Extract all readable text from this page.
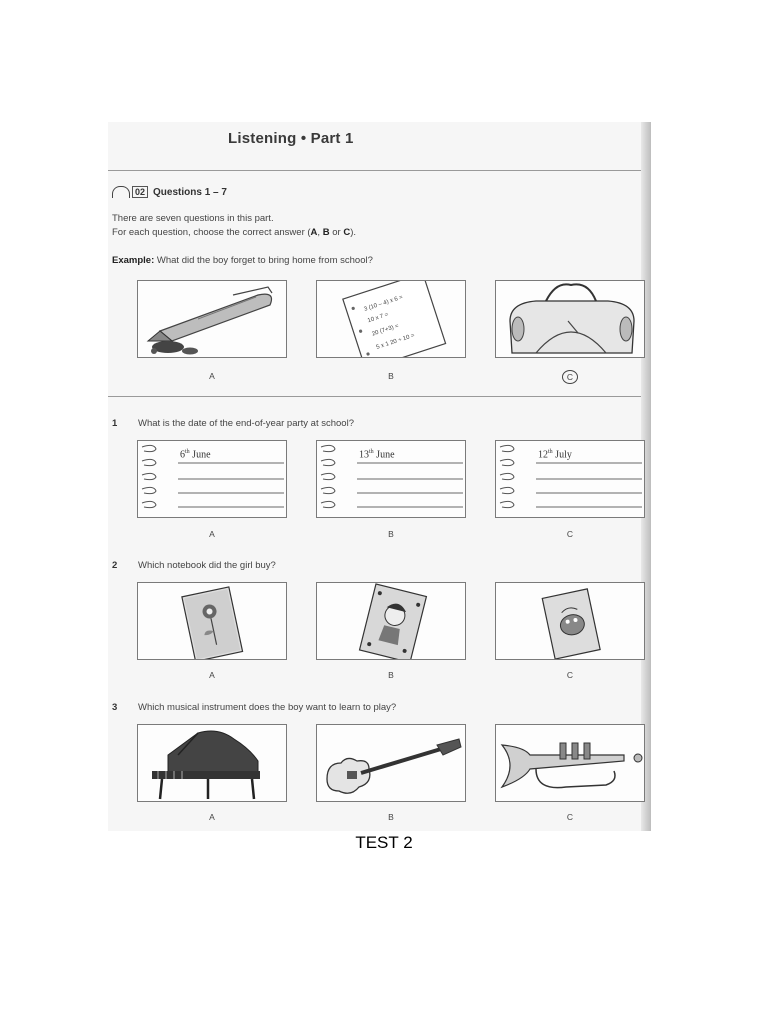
Listening • Part 1
02 Questions 1 – 7
There are seven questions in this part.
For each question, choose the correct answer (A, B or C).
Example: What did the boy forget to bring home from school?
3 (10 – 4) x 6 =
10 x 7 =
20 (7+3) =
5 x 1 20 ÷ 10 =
A	B	C
1 What is the date of the end-of-year party at school?
6th June	13th June	12th July
A	B	C
2 Which notebook did the girl buy?
A	B	C
3 Which musical instrument does the boy want to learn to play?
A	B	C
TEST 2
